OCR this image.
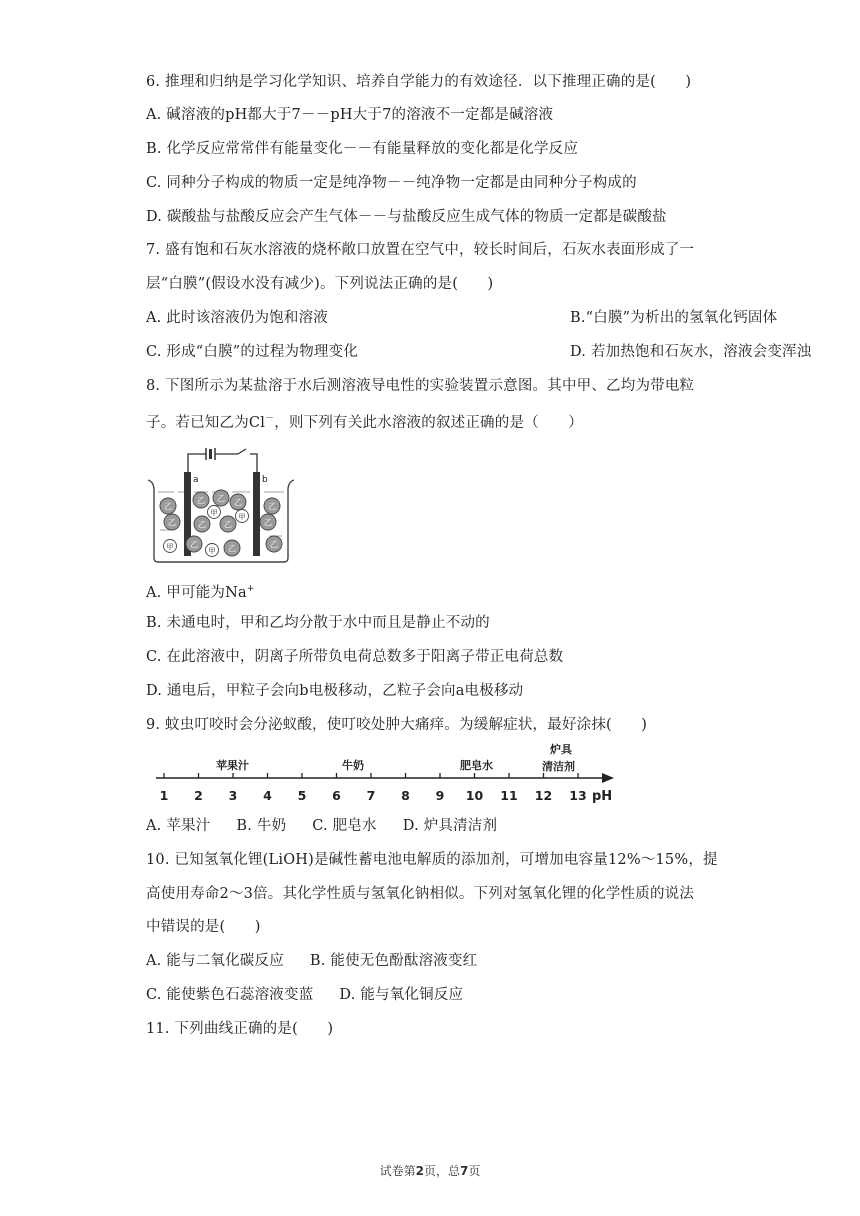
6. 推理和归纳是学习化学知识、培养自学能力的有效途径．以下推理正确的是(　　)
A. 碱溶液的pH都大于7－－pH大于7的溶液不一定都是碱溶液
B. 化学反应常常伴有能量变化－－有能量释放的变化都是化学反应
C. 同种分子构成的物质一定是纯净物－－纯净物一定都是由同种分子构成的
D. 碳酸盐与盐酸反应会产生气体－－与盐酸反应生成气体的物质一定都是碳酸盐
7. 盛有饱和石灰水溶液的烧杯敞口放置在空气中，较长时间后，石灰水表面形成了一
层“白膜”(假设水没有减少)。下列说法正确的是(　　)
A. 此时该溶液仍为饱和溶液	B.“白膜”为析出的氢氧化钙固体
C. 形成“白膜”的过程为物理变化	D. 若加热饱和石灰水，溶液会变浑浊
8. 下图所示为某盐溶于水后测溶液导电性的实验装置示意图。其中甲、乙均为带电粒
子。若已知乙为Cl－，则下列有关此水溶液的叙述正确的是（　　）
a	b
乙
乙 乙 乙	乙
甲	甲
乙	乙 乙	乙
甲 乙
甲 乙	乙
A. 甲可能为Na+
B. 未通电时，甲和乙均分散于水中而且是静止不动的
C. 在此溶液中，阴离子所带负电荷总数多于阳离子带正电荷总数
D. 通电后，甲粒子会向b电极移动，乙粒子会向a电极移动
9. 蚊虫叮咬时会分泌蚁酸，使叮咬处肿大痛痒。为缓解症状，最好涂抹(　　)
1 2 3 4 5 6 7 8 9 10 11 12 13
苹果汁	牛奶	肥皂水
炉具
清洁剂
pH
A. 苹果汁 B. 牛奶 C. 肥皂水 D. 炉具清洁剂
10. 已知氢氧化锂(LiOH)是碱性蓄电池电解质的添加剂，可增加电容量12%～15%，提
高使用寿命2～3倍。其化学性质与氢氧化钠相似。下列对氢氧化锂的化学性质的说法
中错误的是(　　)
A. 能与二氧化碳反应 B. 能使无色酚酞溶液变红
C. 能使紫色石蕊溶液变蓝 D. 能与氧化铜反应
11. 下列曲线正确的是(　　)
试卷第2页，总7页
